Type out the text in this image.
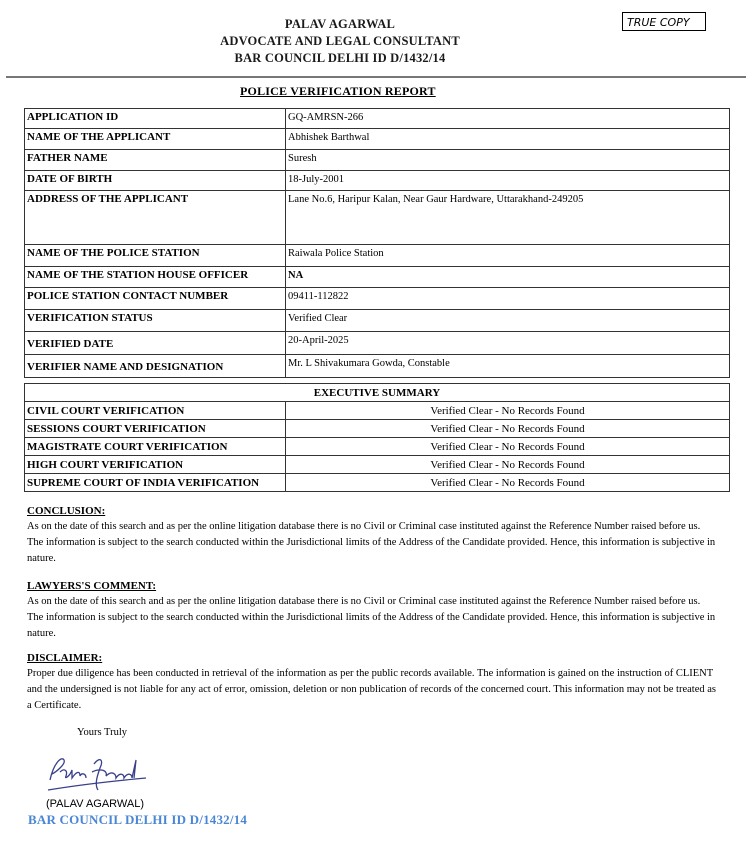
PALAV AGARWAL
ADVOCATE AND LEGAL CONSULTANT
BAR COUNCIL DELHI ID D/1432/14
TRUE COPY
POLICE VERIFICATION REPORT
APPLICATION ID	GQ-AMRSN-266
NAME OF THE APPLICANT	Abhishek Barthwal
FATHER NAME	Suresh
DATE OF BIRTH	18-July-2001
ADDRESS OF THE APPLICANT	Lane No.6, Haripur Kalan, Near Gaur Hardware, Uttarakhand-249205
NAME OF THE POLICE STATION	Raiwala Police Station
NAME OF THE STATION HOUSE OFFICER	NA
POLICE STATION CONTACT NUMBER	09411-112822
VERIFICATION STATUS	Verified Clear
VERIFIED DATE	20-April-2025
VERIFIER NAME AND DESIGNATION	Mr. L Shivakumara Gowda, Constable
EXECUTIVE SUMMARY	
CIVIL COURT VERIFICATION	Verified Clear - No Records Found
SESSIONS COURT VERIFICATION	Verified Clear - No Records Found
MAGISTRATE COURT VERIFICATION	Verified Clear - No Records Found
HIGH COURT VERIFICATION	Verified Clear - No Records Found
SUPREME COURT OF INDIA VERIFICATION	Verified Clear - No Records Found
CONCLUSION:
As on the date of this search and as per the online litigation database there is no Civil or Criminal case instituted against the Reference Number raised before us. The information is subject to the search conducted within the Jurisdictional limits of the Address of the Candidate provided. Hence, this information is subjective in nature.
LAWYERS'S COMMENT:
As on the date of this search and as per the online litigation database there is no Civil or Criminal case instituted against the Reference Number raised before us. The information is subject to the search conducted within the Jurisdictional limits of the Address of the Candidate provided. Hence, this information is subjective in nature.
DISCLAIMER:
Proper due diligence has been conducted in retrieval of the information as per the public records available. The information is gained on the instruction of CLIENT and the undersigned is not liable for any act of error, omission, deletion or non publication of records of the concerned court. This information may not be treated as a Certificate.
Yours Truly
(PALAV AGARWAL)
BAR COUNCIL DELHI ID D/1432/14
